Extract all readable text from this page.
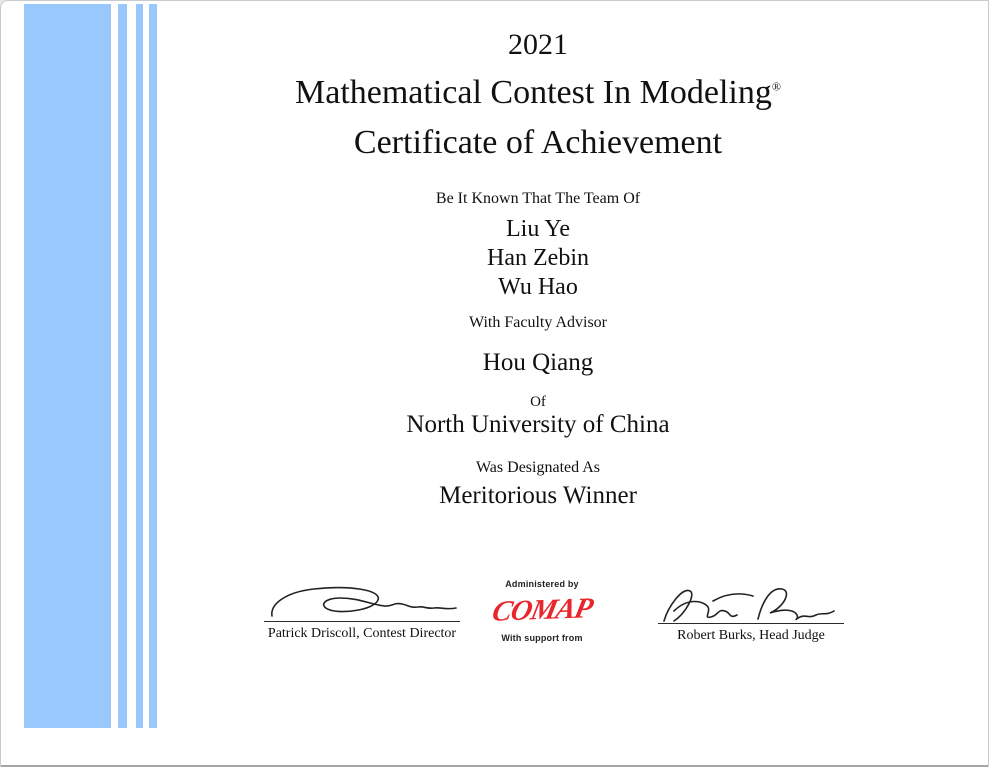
2021
Mathematical Contest In Modeling®
Certificate of Achievement
Be It Known That The Team Of
Liu Ye
Han Zebin
Wu Hao
With Faculty Advisor
Hou Qiang
Of
North University of China
Was Designated As
Meritorious Winner
Patrick Driscoll, Contest Director
Administered by
COMAP
With support from	Robert Burks, Head Judge
